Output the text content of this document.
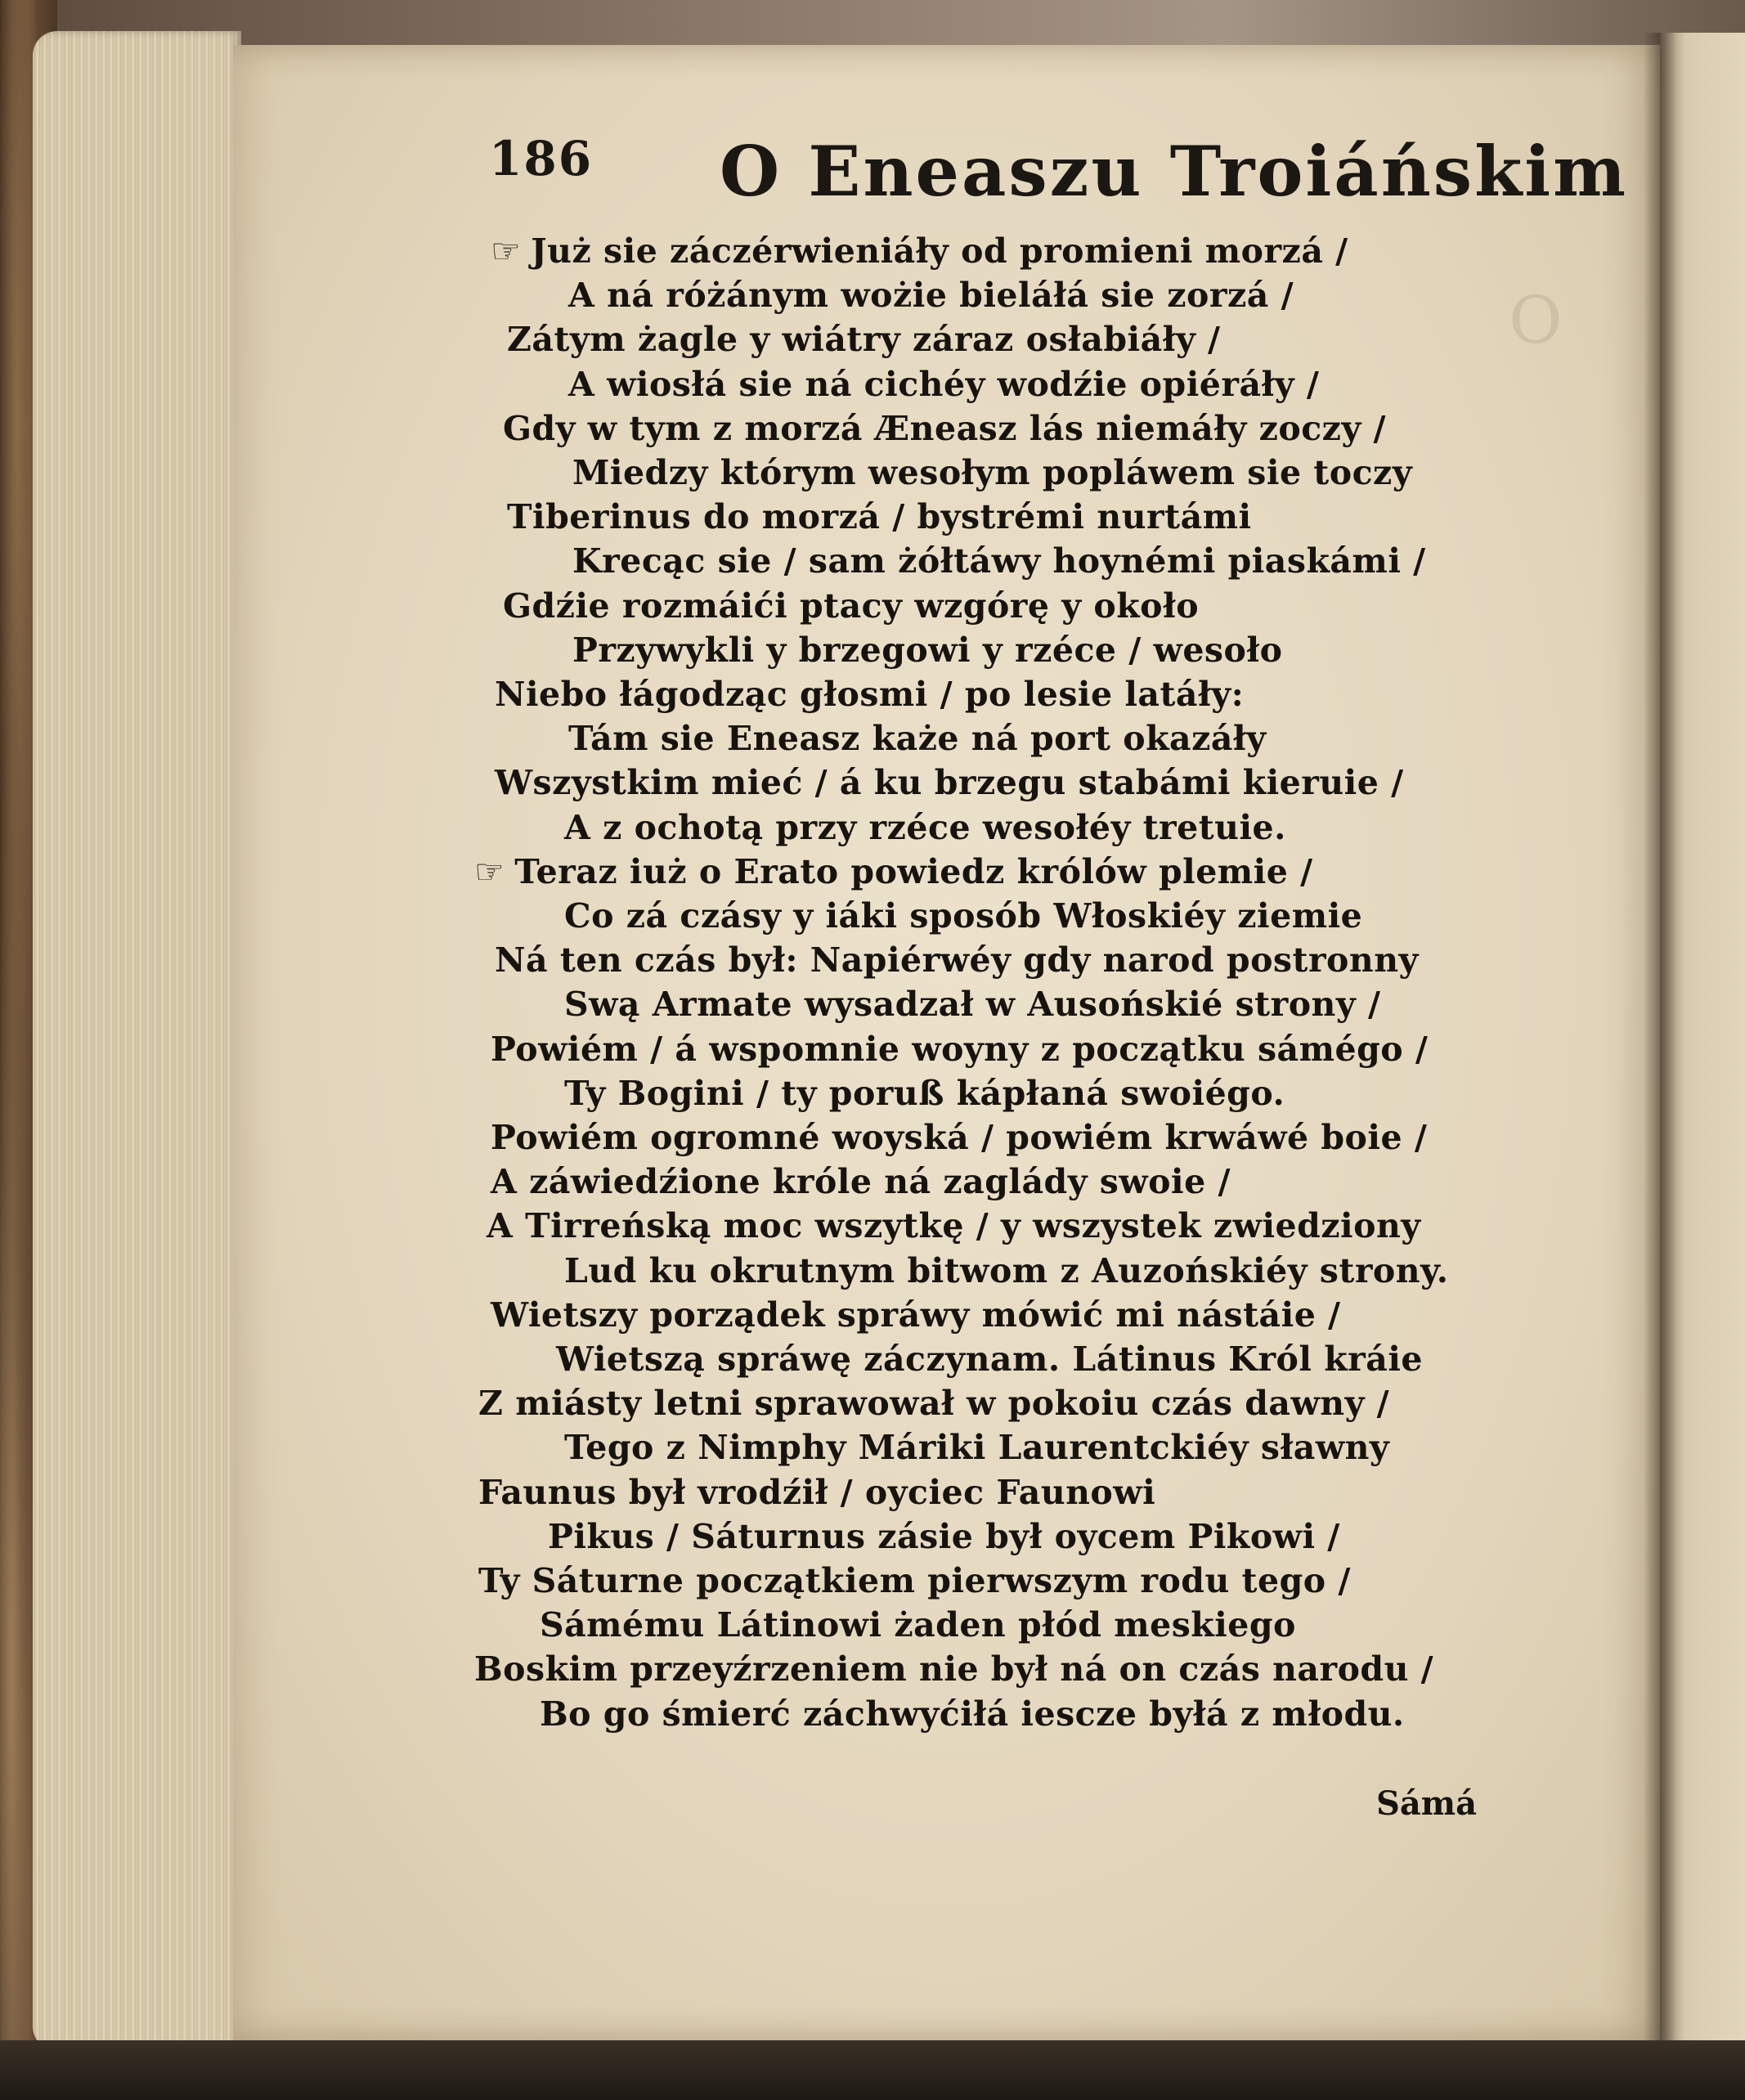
O
186 O Eneaszu Troiáńskim
☞ Już sie záczérwieniáły od promieni morzá /
A ná różánym wożie bieláłá sie zorzá /
Zátym żagle y wiátry záraz osłabiáły /
A wiosłá sie ná cichéy wodźie opiéráły /
Gdy w tym z morzá Æneasz lás niemáły zoczy /
Miedzy którym wesołym popláwem sie toczy
Tiberinus do morzá / bystrémi nurtámi
Krecąc sie / sam żółtáwy hoynémi piaskámi /
Gdźie rozmáići ptacy wzgórę y około
Przywykli y brzegowi y rzéce / wesoło
Niebo łágodząc głosmi / po lesie latáły:
Tám sie Eneasz każe ná port okazáły
Wszystkim mieć / á ku brzegu stabámi kieruie /
A z ochotą przy rzéce wesołéy tretuie.
☞ Teraz iuż o Erato powiedz królów plemie /
Co zá czásy y iáki sposób Włoskiéy ziemie
Ná ten czás był: Napiérwéy gdy narod postronny
Swą Armate wysadzał w Ausońskié strony /
Powiém / á wspomnie woyny z początku sámégo /
Ty Bogini / ty poruß kápłaná swoiégo.
Powiém ogromné woyská / powiém krwáwé boie /
A záwiedźione króle ná zaglády swoie /
A Tirreńską moc wszytkę / y wszystek zwiedziony
Lud ku okrutnym bitwom z Auzońskiéy strony.
Wietszy porządek spráwy mówić mi nástáie /
Wietszą spráwę záczynam. Látinus Król kráie
Z miásty letni sprawował w pokoiu czás dawny /
Tego z Nimphy Máriki Laurentckiéy sławny
Faunus był vrodźił / oyciec Faunowi
Pikus / Sáturnus zásie był oycem Pikowi /
Ty Sáturne początkiem pierwszym rodu tego /
Sámému Látinowi żaden płód meskiego
Boskim przeyźrzeniem nie był ná on czás narodu /
Bo go śmierć záchwyćiłá iescze byłá z młodu.
Sámá
